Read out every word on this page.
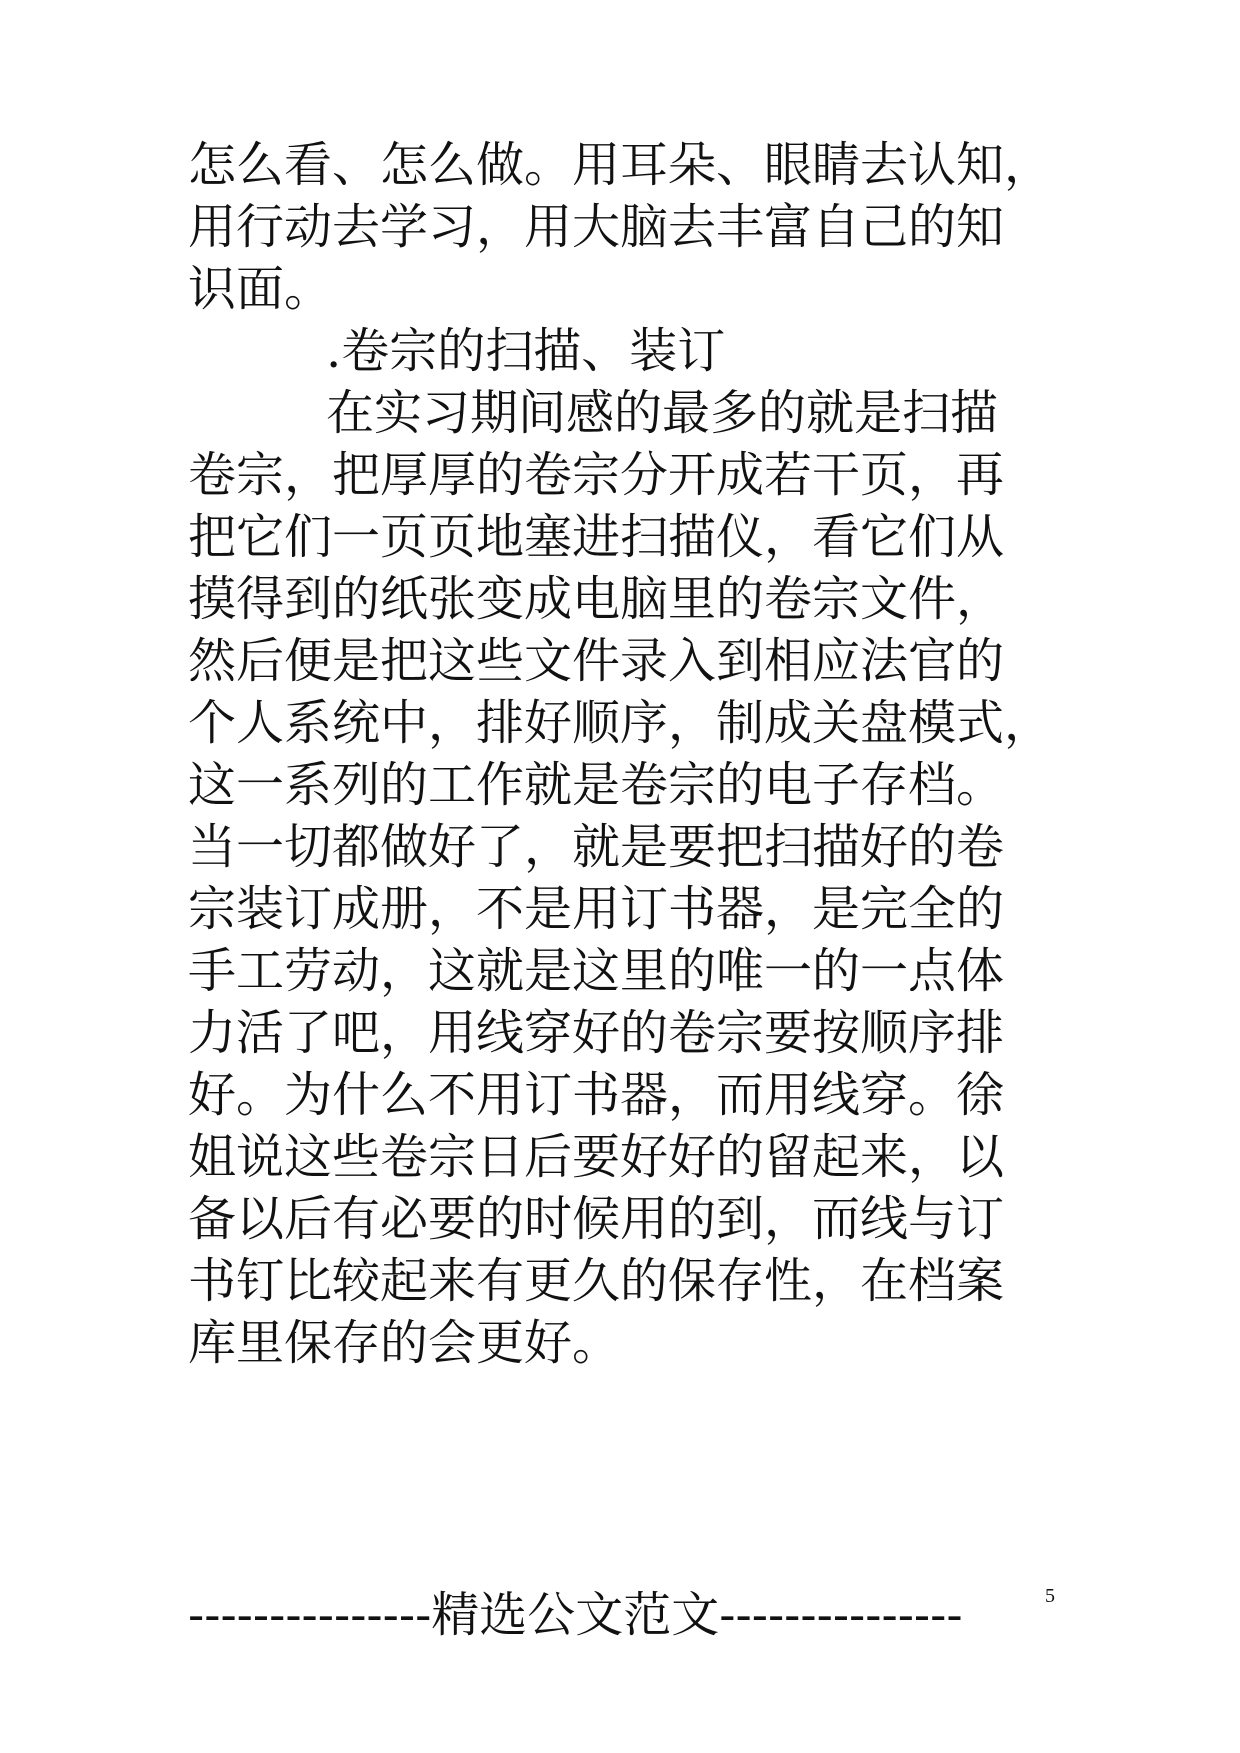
怎么看、怎么做。用耳朵、眼睛去认知，
用行动去学习，用大脑去丰富自己的知
识面。
.卷宗的扫描、装订
在实习期间感的最多的就是扫描
卷宗，把厚厚的卷宗分开成若干页，再
把它们一页页地塞进扫描仪，看它们从
摸得到的纸张变成电脑里的卷宗文件，
然后便是把这些文件录入到相应法官的
个人系统中，排好顺序，制成关盘模式，
这一系列的工作就是卷宗的电子存档。
当一切都做好了，就是要把扫描好的卷
宗装订成册，不是用订书器，是完全的
手工劳动，这就是这里的唯一的一点体
力活了吧，用线穿好的卷宗要按顺序排
好。为什么不用订书器，而用线穿。徐
姐说这些卷宗日后要好好的留起来，以
备以后有必要的时候用的到，而线与订
书钉比较起来有更久的保存性，在档案
库里保存的会更好。
---------------精选公文范文---------------	5
